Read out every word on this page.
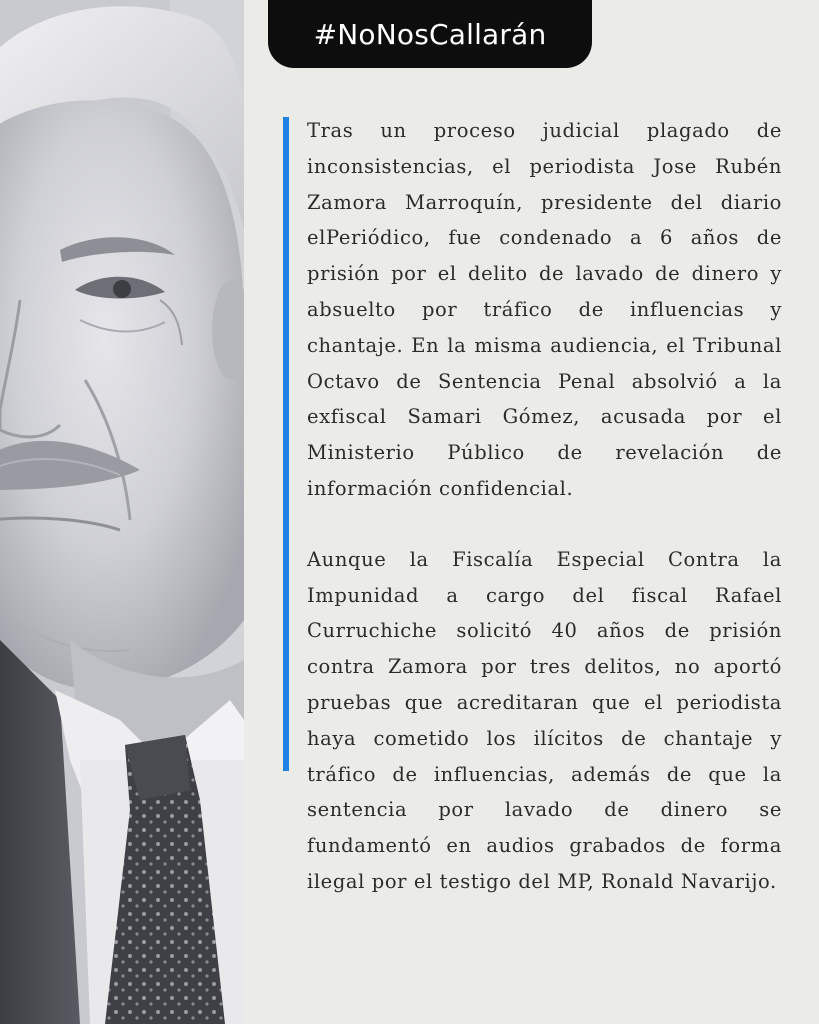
#NoNosCallarán

Tras un proceso judicial plagado de inconsistencias, el periodista Jose Rubén Zamora Marroquín, presidente del diario elPeriódico, fue condenado a 6 años de prisión por el delito de lavado de dinero y absuelto por tráfico de influencias y chantaje. En la misma audiencia, el Tribunal Octavo de Sentencia Penal absolvió a la exfiscal Samari Gómez, acusada por el Ministerio Público de revelación de información confidencial.

Aunque la Fiscalía Especial Contra la Impunidad a cargo del fiscal Rafael Curruchiche solicitó 40 años de prisión contra Zamora por tres delitos, no aportó pruebas que acreditaran que el periodista haya cometido los ilícitos de chantaje y tráfico de influencias, además de que la sentencia por lavado de dinero se fundamentó en audios grabados de forma ilegal por el testigo del MP, Ronald Navarijo.
